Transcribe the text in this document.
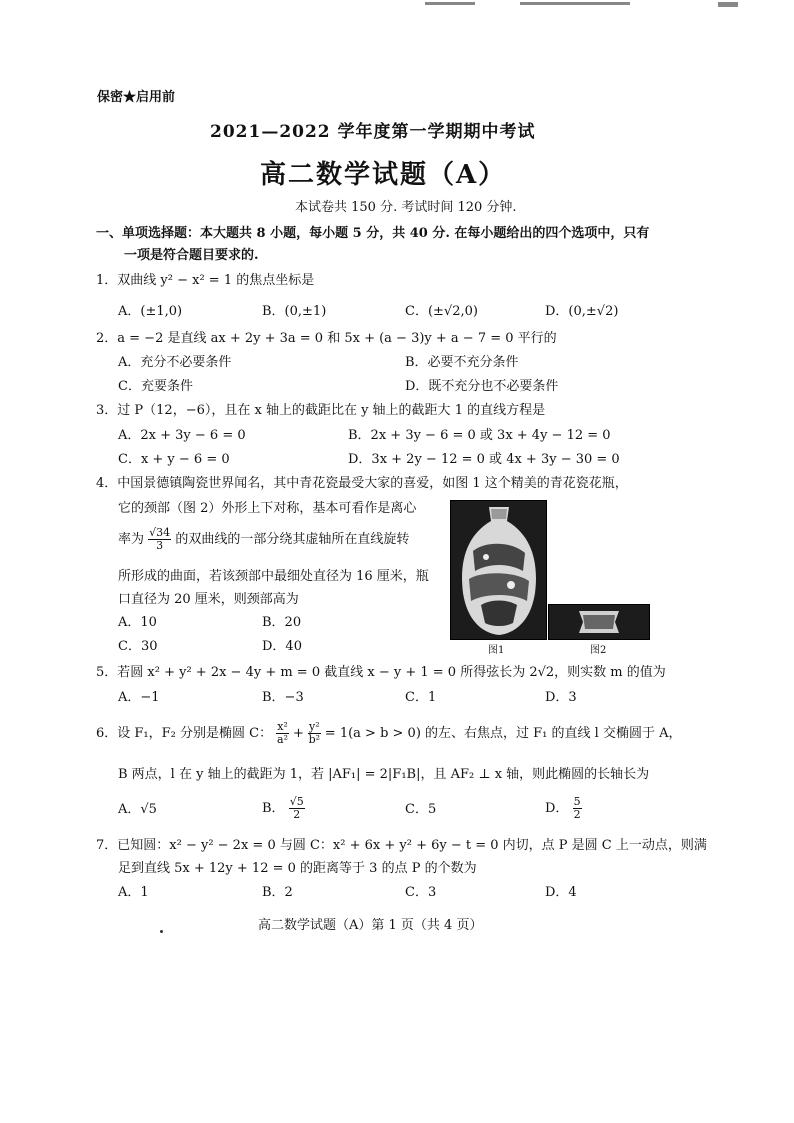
保密★启用前
2021—2022 学年度第一学期期中考试
高二数学试题（A）
本试卷共 150 分. 考试时间 120 分钟.
一、单项选择题：本大题共 8 小题，每小题 5 分，共 40 分. 在每小题给出的四个选项中，只有
一项是符合题目要求的.
1．双曲线 y² − x² = 1 的焦点坐标是
A．(±1,0)	B．(0,±1)	C．(±√2,0)	D．(0,±√2)
2．a = −2 是直线 ax + 2y + 3a = 0 和 5x + (a − 3)y + a − 7 = 0 平行的
A．充分不必要条件	B．必要不充分条件
C．充要条件	D．既不充分也不必要条件
3．过 P（12，−6），且在 x 轴上的截距比在 y 轴上的截距大 1 的直线方程是
A．2x + 3y − 6 = 0	B．2x + 3y − 6 = 0 或 3x + 4y − 12 = 0
C．x + y − 6 = 0	D．3x + 2y − 12 = 0 或 4x + 3y − 30 = 0
4．中国景德镇陶瓷世界闻名，其中青花瓷最受大家的喜爱，如图 1 这个精美的青花瓷花瓶，
它的颈部（图 2）外形上下对称，基本可看作是离心
率为 $\frac{√34}{3}$ 的双曲线的一部分绕其虚轴所在直线旋转
所形成的曲面，若该颈部中最细处直径为 16 厘米，瓶
口直径为 20 厘米，则颈部高为
A．10	B．20
C．30	D．40	图1	图2
5．若圆 x² + y² + 2x − 4y + m = 0 截直线 x − y + 1 = 0 所得弦长为 2√2，则实数 m 的值为
A．−1	B．−3	C．1	D．3
6．设 F₁，F₂ 分别是椭圆 C： $\frac{\text{x²}}{\text{a²}} + \frac{\text{y²}}{\text{b²}} = 1(a > b > 0)$ 的左、右焦点，过 F₁ 的直线 l 交椭圆于 A，
B 两点，l 在 y 轴上的截距为 1，若 |AF₁| = 2|F₁B|，且 AF₂ ⊥ x 轴，则此椭圆的长轴长为
A．√5	B． $\frac{√5}{2}$	C．5	D． $\frac{5}{2}$
7．已知圆：x² − y² − 2x = 0 与圆 C：x² + 6x + y² + 6y − t = 0 内切，点 P 是圆 C 上一动点，则满
足到直线 5x + 12y + 12 = 0 的距离等于 3 的点 P 的个数为
A．1	B．2	C．3	D．4
高二数学试题（A）第 1 页（共 4 页）
